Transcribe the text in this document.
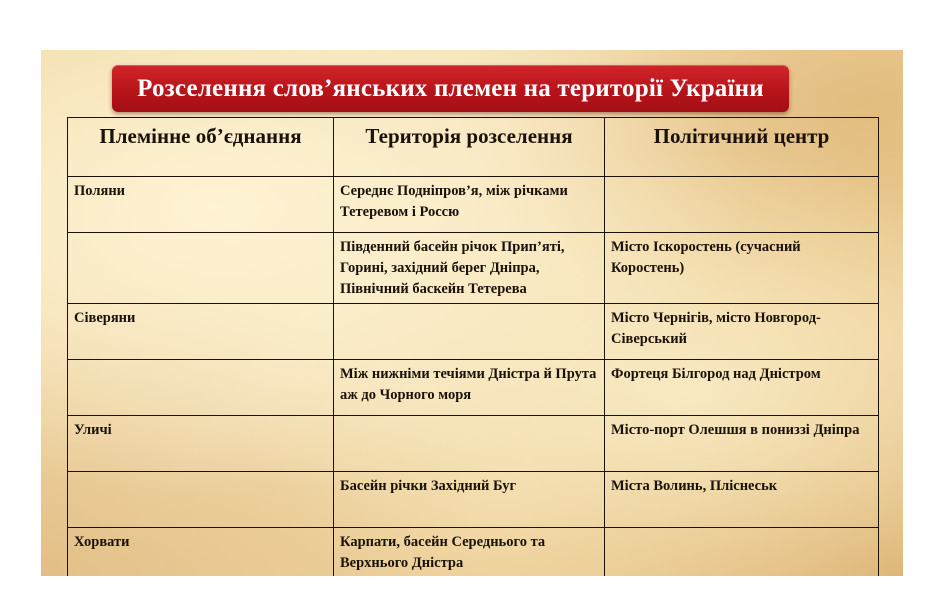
Розселення слов’янських племен на території України
Племінне об’єднання	Територія розселення	Політичний центр
Поляни	Середнє Подніпров’я, між річками Тетеревом і Россю	
	Південний басейн річок Прип’яті, Горині, західний берег Дніпра, Північний баскейн Тетерева	Місто Іскоростень (сучасний Коростень)
Сіверяни		Місто Чернігів, місто Новгород-Сіверський
	Між нижніми течіями Дністра й Прута аж до Чорного моря	Фортеця Білгород над Дністром
Уличі		Місто-порт Олешшя в пониззі Дніпра
	Басейн річки Західний Буг	Міста Волинь, Пліснеськ
Хорвати	Карпати, басейн Середнього та Верхнього Дністра	
